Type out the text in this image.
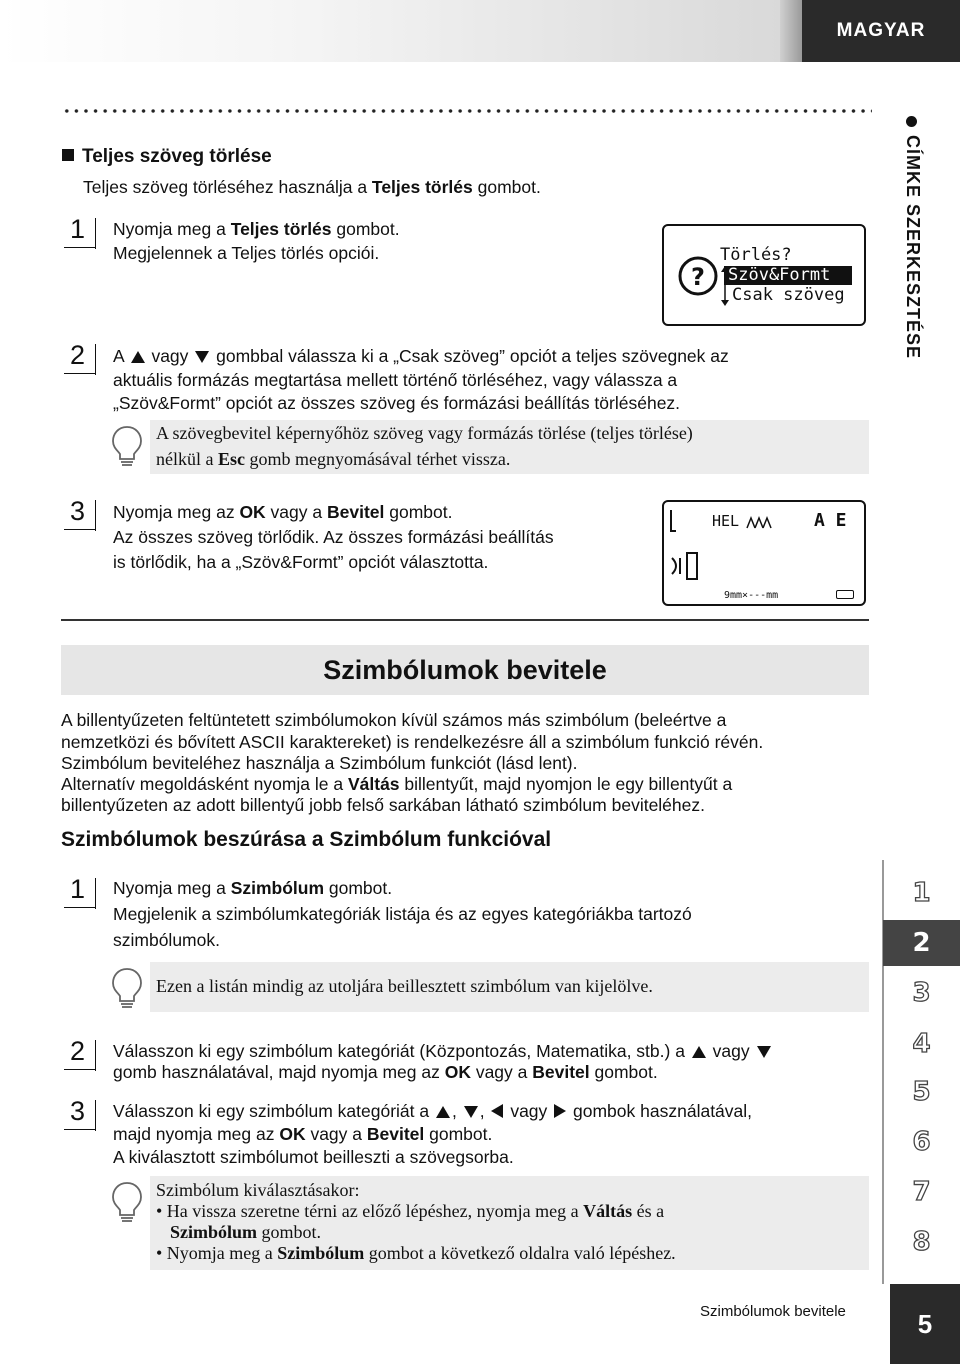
MAGYAR
CÍMKE SZERKESZTÉSE
Teljes szöveg törlése
Teljes szöveg törléséhez használja a Teljes törlés gombot.
1 Nyomja meg a Teljes törlés gombot.
Megjelennek a Teljes törlés opciói.
?
Törlés?
Szöv&Formt
Csak szöveg
2 A  vagy  gombbal válassza ki a „Csak szöveg” opciót a teljes szövegnek az
aktuális formázás megtartása mellett történő törléséhez, vagy válassza a
„Szöv&Formt” opciót az összes szöveg és formázási beállítás törléséhez.
A szövegbevitel képernyőhöz szöveg vagy formázás törlése (teljes törlése)
nélkül a Esc gomb megnyomásával térhet vissza.
3 Nyomja meg az OK vagy a Bevitel gombot.
Az összes szöveg törlődik. Az összes formázási beállítás
is törlődik, ha a „Szöv&Formt” opciót választotta.
HEL	A E
9mm×---mm
Szimbólumok bevitele
A billentyűzeten feltüntetett szimbólumokon kívül számos más szimbólum (beleértve a
nemzetközi és bővített ASCII karaktereket) is rendelkezésre áll a szimbólum funkció révén.
Szimbólum beviteléhez használja a Szimbólum funkciót (lásd lent).
Alternatív megoldásként nyomja le a Váltás billentyűt, majd nyomjon le egy billentyűt a
billentyűzeten az adott billentyű jobb felső sarkában látható szimbólum beviteléhez.
Szimbólumok beszúrása a Szimbólum funkcióval
1 Nyomja meg a Szimbólum gombot.
Megjelenik a szimbólumkategóriák listája és az egyes kategóriákba tartozó
szimbólumok.
Ezen a listán mindig az utoljára beillesztett szimbólum van kijelölve.
2 Válasszon ki egy szimbólum kategóriát (Központozás, Matematika, stb.) a  vagy
gomb használatával, majd nyomja meg az OK vagy a Bevitel gombot.
3 Válasszon ki egy szimbólum kategóriát a , ,  vagy  gombok használatával,
majd nyomja meg az OK vagy a Bevitel gombot.
A kiválasztott szimbólumot beilleszti a szövegsorba.
Szimbólum kiválasztásakor:
• Ha vissza szeretne térni az előző lépéshez, nyomja meg a Váltás és a
Szimbólum gombot.
• Nyomja meg a Szimbólum gombot a következő oldalra való lépéshez.
1
2
3
4
5
6
7
8
Szimbólumok bevitele	5
